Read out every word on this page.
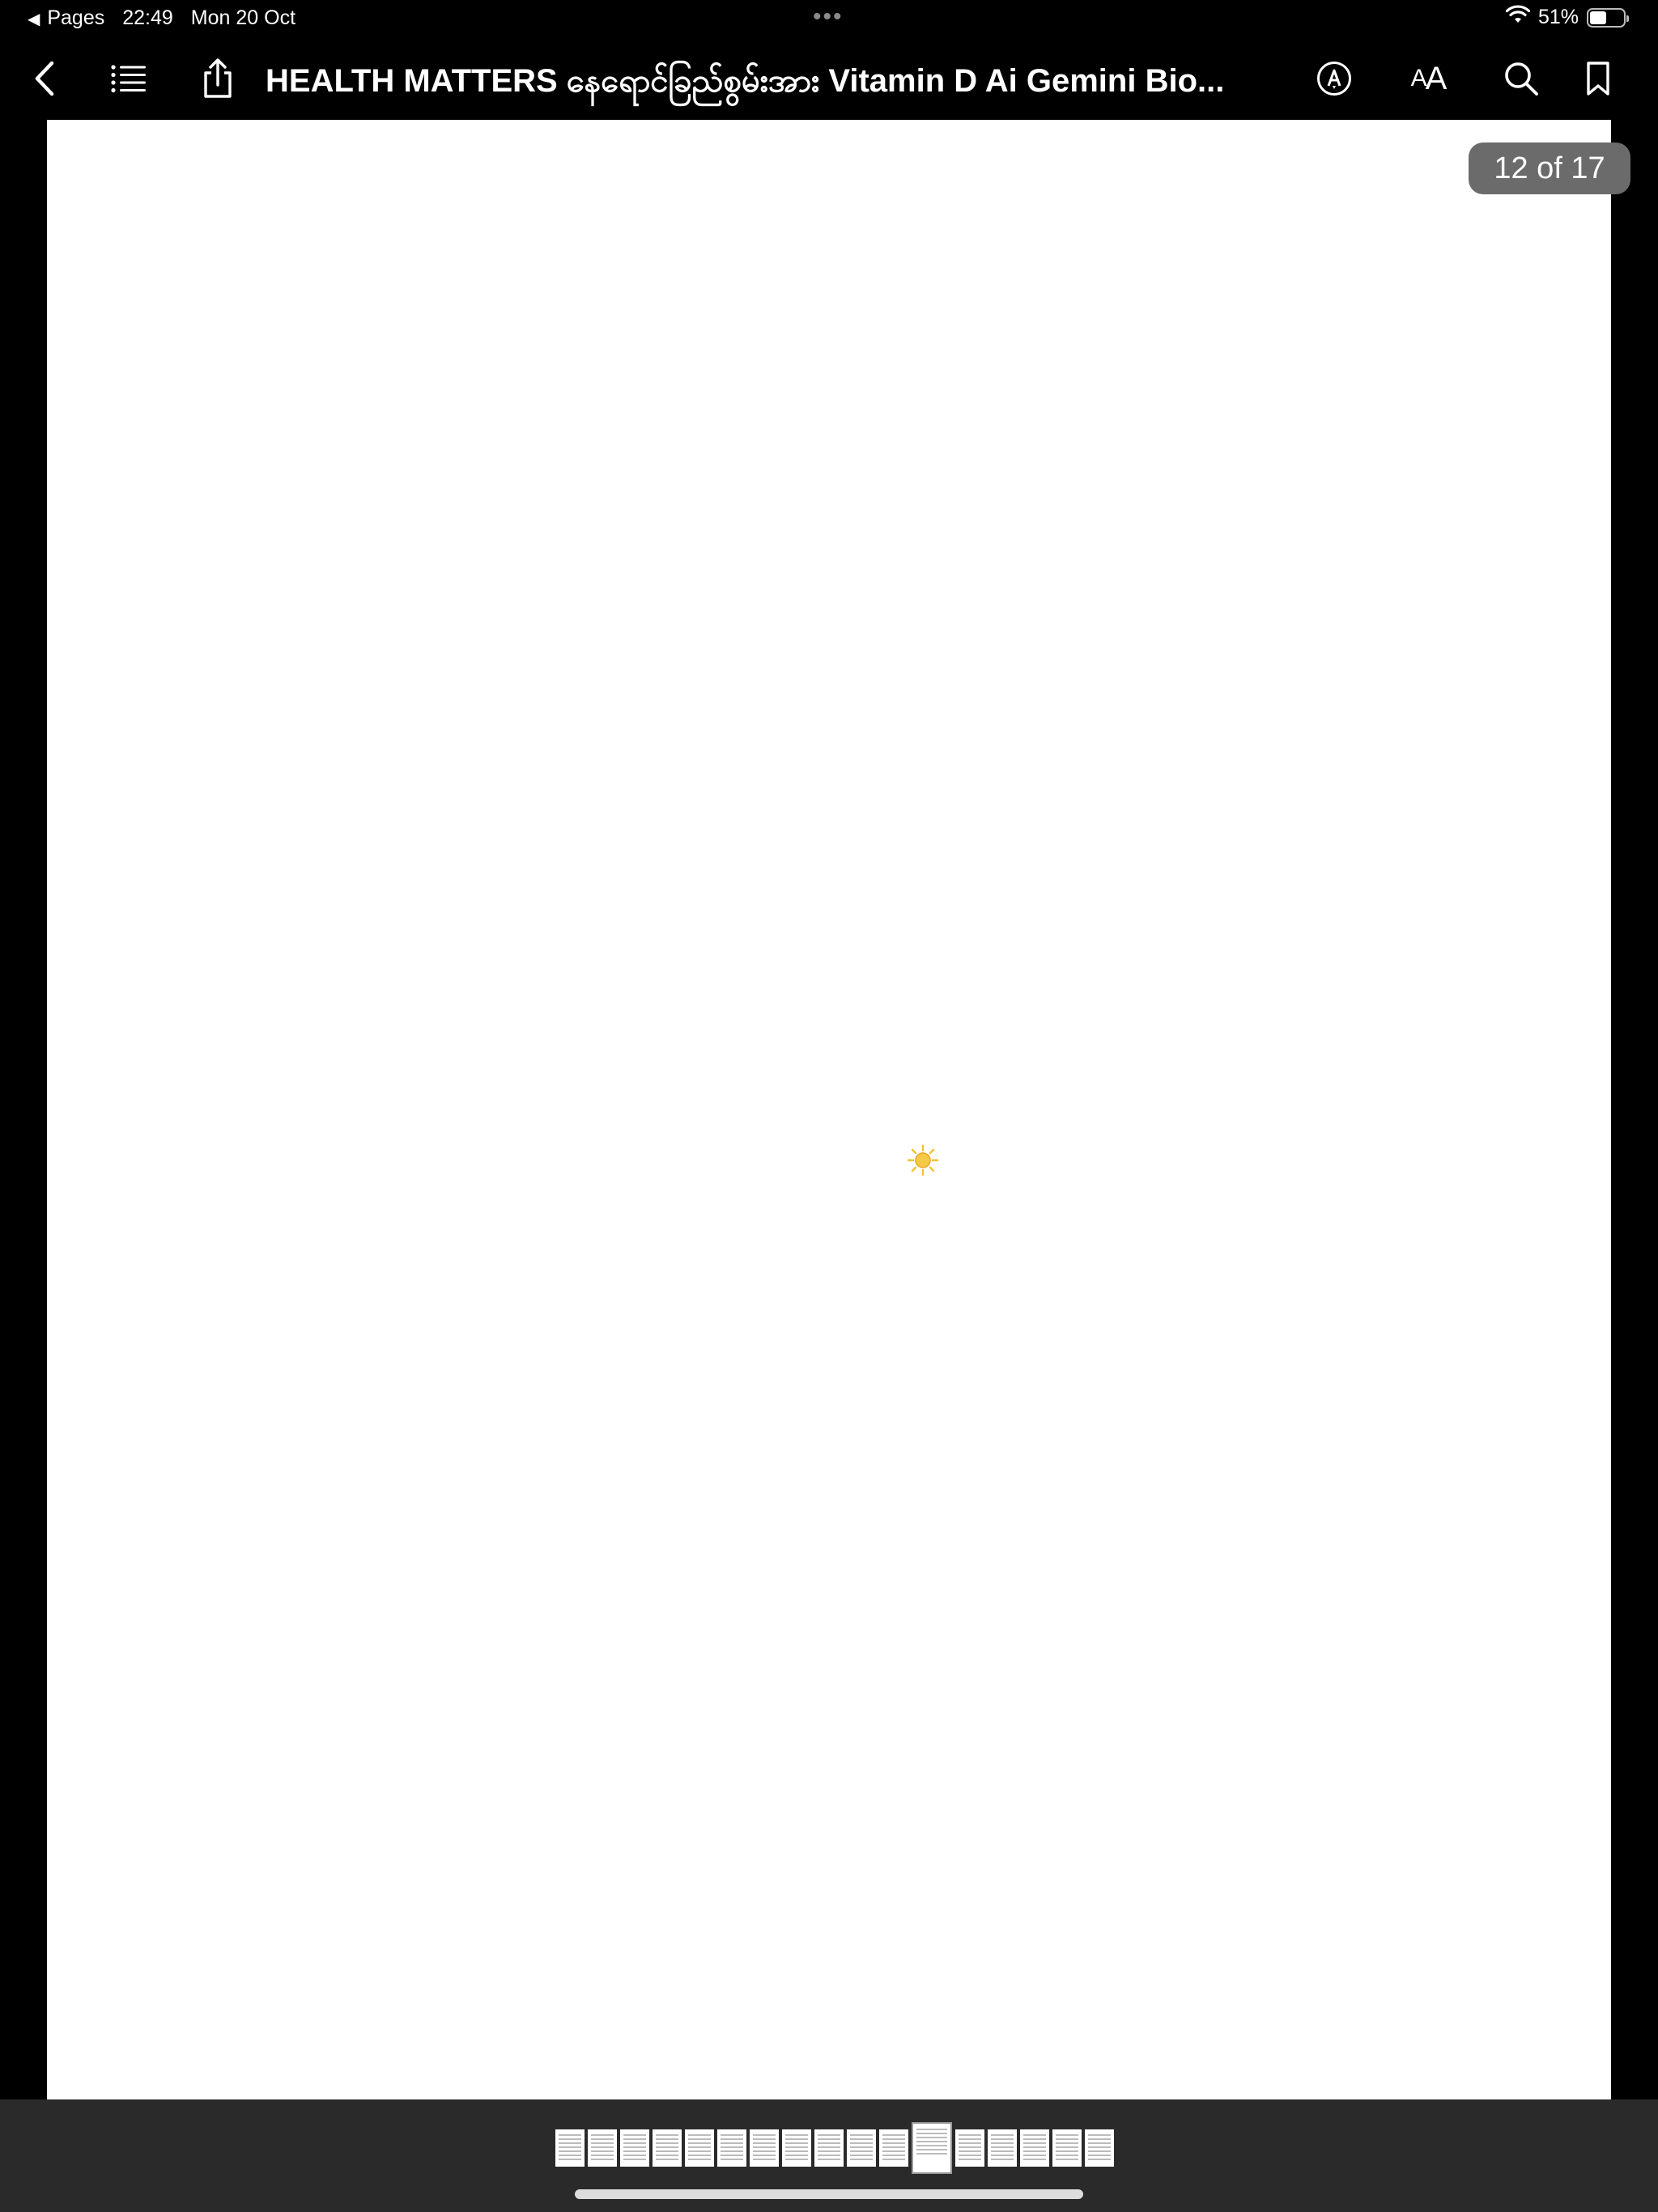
◀ Pages 22:49 Mon 20 Oct	•••	51%
HEALTH MATTERS နေရောင်ခြည်စွမ်းအား Vitamin D Ai Gemini Bio...	A A
12 of 17

Quantity: The intensity of sunlight is highest at noon when the sun is highest in the sky and its rays travel the shortest distance through the atmosphere.

• Quality: At sunrise and sunset, the light has a warmer color because the atmosphere scatters the shorter-wavelength blue light more effectively than the longer-wavelength red and yellow light, leaving the transmitted light dominated by the red end of the spectrum.

2. Sun's Affect on Human Health by Time of Day

The changing light spectrum acts as a crucial cue for the body's circadian rhythm (internal clock), while the UV radiation content directly affects vitamin D synthesis and skin health.

3. Sunlight Affect on Health by Global Region

The impact of sunlight varies significantly by latitude due to differences in solar angle, atmospheric path length, and day length, which directly affect the amount of Ultraviolet B (UVB) radiation reaching the skin—the type needed for Vitamin D synthesis.

• Equatorial Ring Areas (High UV Exposure):

• High Risk: Skin cancer and other UV-related skin/eye damage (e.g., cataracts) are significant concerns due to persistently high levels of UV radiation (UV Index can be very high, e.g., up to 20).

• Low Risk: Vitamin D deficiency is less common year-round, as there is ample opportunity for synthesis, though it can still occur due to excessive sun avoidance or covering up.

• Northern and Southern Colder/Higher Latitude Hemispheres (Low UV Exposure):

• High Risk: Vitamin D deficiency is common, especially during winter months, because the sun's angle is too low for the atmosphere to transmit sufficient UVB to the ground. This deficiency is linked to an increased risk of various chronic diseases, including autoimmune disorders and certain cancers.

• Lower Risk: The risk of skin cancer from ambient sun exposure is generally lower than near the equator, though sun exposure during summer still requires protection. The Southern Hemisphere, like Australia, can sometimes experience higher peak UV levels than similar Northern latitudes due to factors like the Earth's elliptical orbit (closer to the sun in January, which is summer in the Southern Hemisphere) and ozone depletion.

4. Interesting Historical and Modern Facts about Sun and Health

The understanding of sunlight's effect on human health has evolved from ancient recognition to modern molecular biology.

• Historical Therapeutic Use (Heliotherapy):

• Ancient Medicine: Around 400 BC, Hippocrates (the "father of medicine") prescribed sunbaths for various maladies.

• Tuberculosis Treatment: In the late 19th and early 20th centuries, doctors like Niels Ryberg Finsen (who won the Nobel Prize in 1903) used "heliotherapy" (sunlight treatment) and artificial UV lamps to successfully treat Tuberculosis infections, especially of the skin (lupus vulgaris), after it was discovered that sunlight could kill the tuberculosis bacteria.

• Discovery of Vitamin D:

• In the early 20th century, sunlight exposure was discovered to prevent and treat rickets, a bone-softening disease common in urban, sun-deprived children. This led to the discovery of Vitamin D (specifically Vitamin \text{D}_3 synthesis by UVB light on the skin).

• Modern Reassessment (Sunlight Deficiency):

• While decades of public health warnings have focused on the danger of UV exposure and skin cancer, modern research now indicates that insufficient sun exposure has become a significant public health problem, potentially responsible for hundreds of thousands of deaths annually in the US and Europe through an increased incidence of other chronic diseases like cardiovascular disease, certain cancers, and multiple sclerosis.

• Mood and Hormones:
